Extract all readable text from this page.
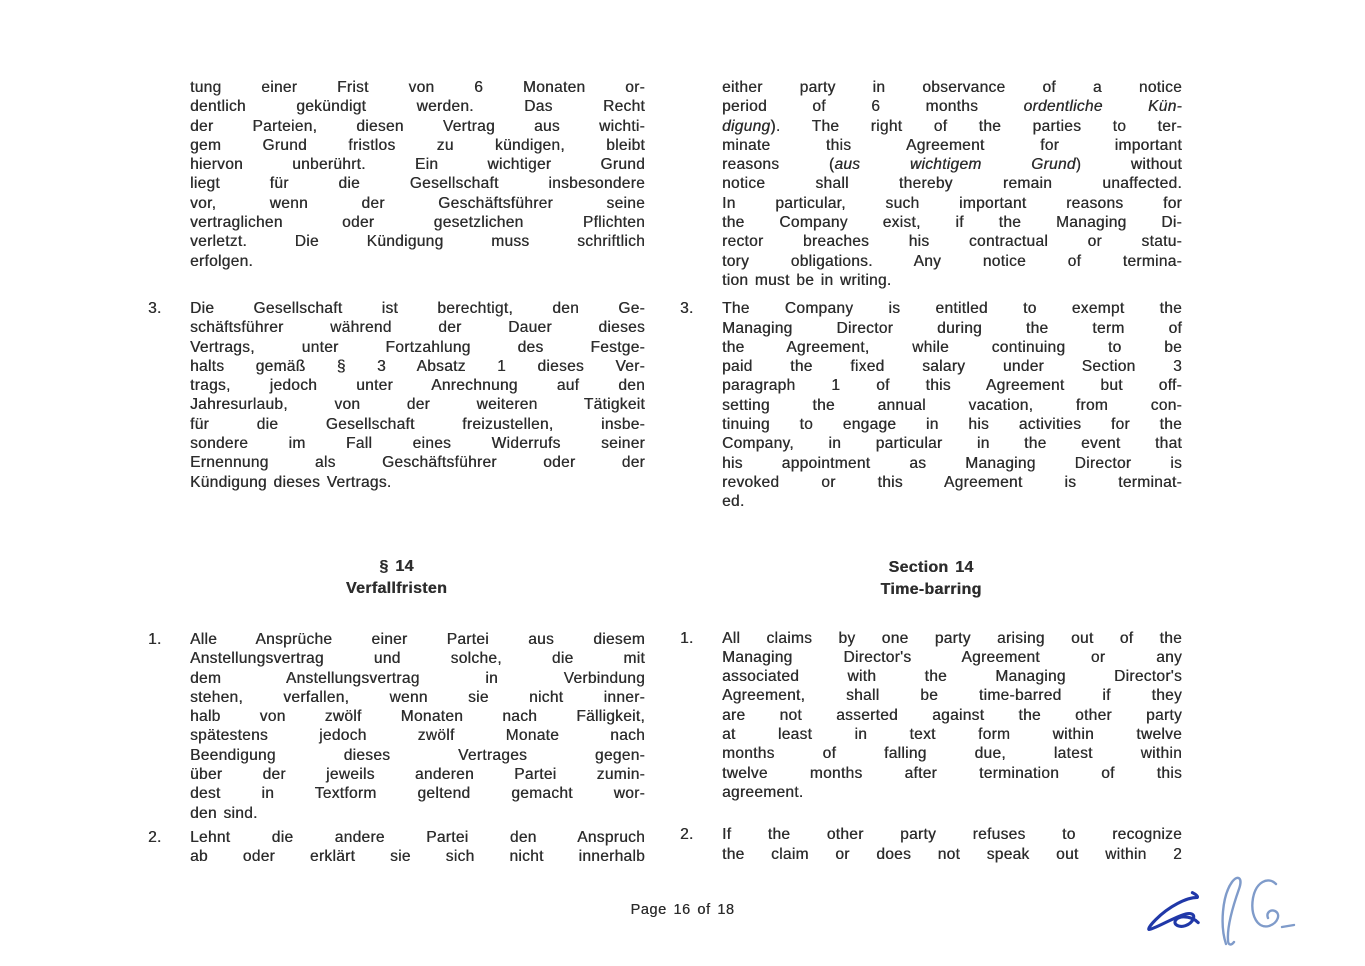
tung einer Frist von 6 Monaten or-
dentlich gekündigt werden. Das Recht
der Parteien, diesen Vertrag aus wichti-
gem Grund fristlos zu kündigen, bleibt
hiervon unberührt. Ein wichtiger Grund
liegt für die Gesellschaft insbesondere
vor, wenn der Geschäftsführer seine
vertraglichen oder gesetzlichen Pflichten
verletzt. Die Kündigung muss schriftlich
erfolgen.
3.	Die Gesellschaft ist berechtigt, den Ge-
schäftsführer während der Dauer dieses
Vertrags, unter Fortzahlung des Festge-
halts gemäß § 3 Absatz 1 dieses Ver-
trags, jedoch unter Anrechnung auf den
Jahresurlaub, von der weiteren Tätigkeit
für die Gesellschaft freizustellen, insbe-
sondere im Fall eines Widerrufs seiner
Ernennung als Geschäftsführer oder der
Kündigung dieses Vertrags.
§ 14
Verfallfristen
1.	Alle Ansprüche einer Partei aus diesem
Anstellungsvertrag und solche, die mit
dem Anstellungsvertrag in Verbindung
stehen, verfallen, wenn sie nicht inner-
halb von zwölf Monaten nach Fälligkeit,
spätestens jedoch zwölf Monate nach
Beendigung dieses Vertrages gegen-
über der jeweils anderen Partei zumin-
dest in Textform geltend gemacht wor-
den sind.
2.	Lehnt die andere Partei den Anspruch
ab oder erklärt sie sich nicht innerhalb
either party in observance of a notice
period of 6 months ordentliche Kün-
digung). The right of the parties to ter-
minate this Agreement for important
reasons (aus wichtigem Grund) without
notice shall thereby remain unaffected.
In particular, such important reasons for
the Company exist, if the Managing Di-
rector breaches his contractual or statu-
tory obligations. Any notice of termina-
tion must be in writing.
3.	The Company is entitled to exempt the
Managing Director during the term of
the Agreement, while continuing to be
paid the fixed salary under Section 3
paragraph 1 of this Agreement but off-
setting the annual vacation, from con-
tinuing to engage in his activities for the
Company, in particular in the event that
his appointment as Managing Director is
revoked or this Agreement is terminat-
ed.
Section 14
Time-barring
1.	All claims by one party arising out of the
Managing Director's Agreement or any
associated with the Managing Director's
Agreement, shall be time-barred if they
are not asserted against the other party
at least in text form within twelve
months of falling due, latest within
twelve months after termination of this
agreement.
2.	If the other party refuses to recognize
the claim or does not speak out within 2
Page 16 of 18
